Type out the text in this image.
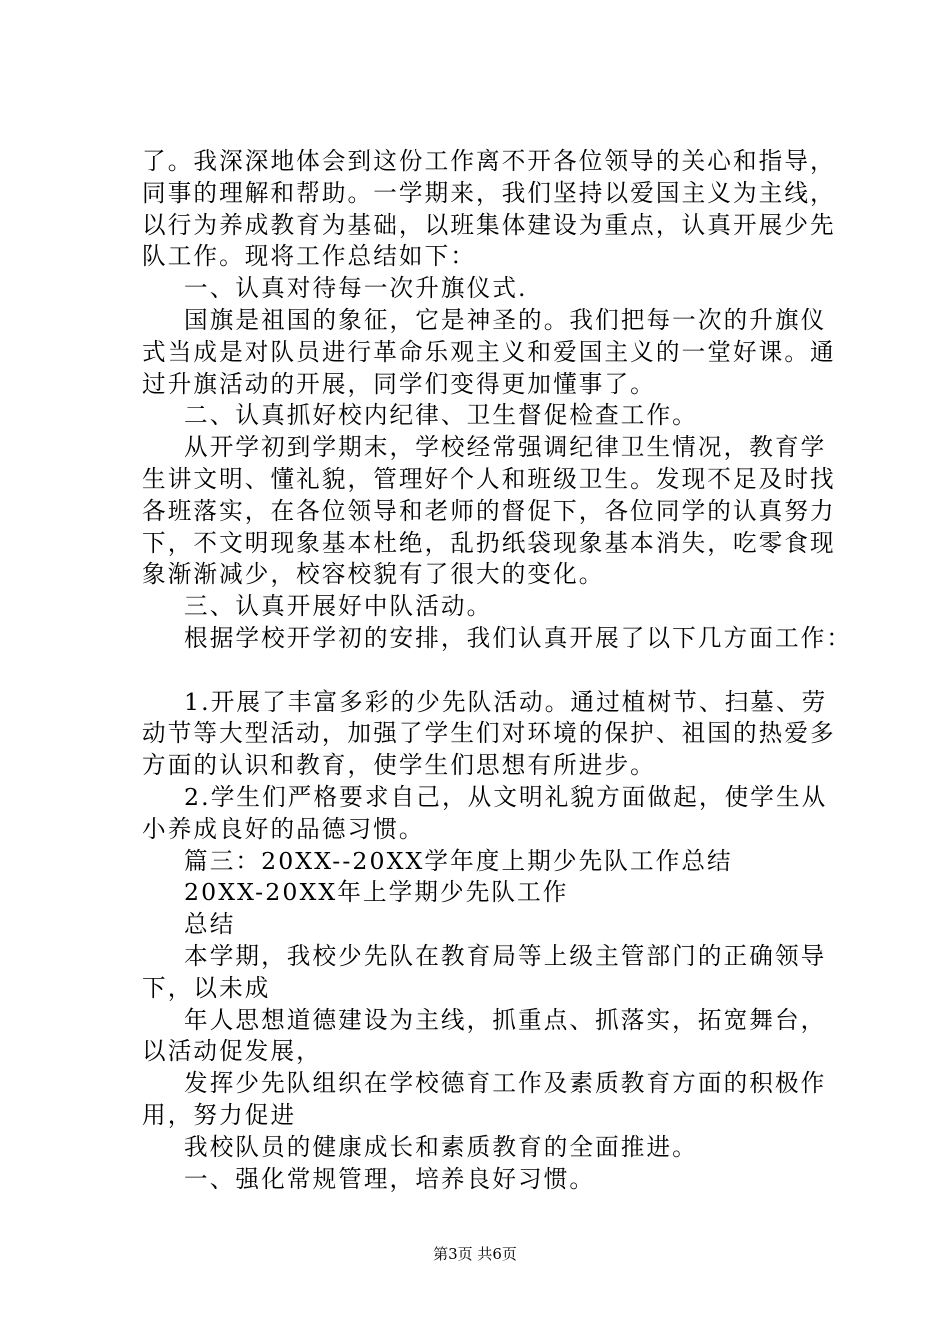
了。我深深地体会到这份工作离不开各位领导的关心和指导，

同事的理解和帮助。一学期来，我们坚持以爱国主义为主线，

以行为养成教育为基础，以班集体建设为重点，认真开展少先

队工作。现将工作总结如下：

一、认真对待每一次升旗仪式.

国旗是祖国的象征，它是神圣的。我们把每一次的升旗仪

式当成是对队员进行革命乐观主义和爱国主义的一堂好课。通

过升旗活动的开展，同学们变得更加懂事了。

二、认真抓好校内纪律、卫生督促检查工作。

从开学初到学期末，学校经常强调纪律卫生情况，教育学

生讲文明、懂礼貌，管理好个人和班级卫生。发现不足及时找

各班落实，在各位领导和老师的督促下，各位同学的认真努力

下，不文明现象基本杜绝，乱扔纸袋现象基本消失，吃零食现

象渐渐减少，校容校貌有了很大的变化。

三、认真开展好中队活动。

根据学校开学初的安排，我们认真开展了以下几方面工作：

1.开展了丰富多彩的少先队活动。通过植树节、扫墓、劳

动节等大型活动，加强了学生们对环境的保护、祖国的热爱多

方面的认识和教育，使学生们思想有所进步。

2.学生们严格要求自己，从文明礼貌方面做起，使学生从

小养成良好的品德习惯。

篇三：20XX--20XX学年度上期少先队工作总结

20XX-20XX年上学期少先队工作

总结

本学期，我校少先队在教育局等上级主管部门的正确领导

下，以未成

年人思想道德建设为主线，抓重点、抓落实，拓宽舞台，

以活动促发展，

发挥少先队组织在学校德育工作及素质教育方面的积极作

用，努力促进

我校队员的健康成长和素质教育的全面推进。

一、强化常规管理，培养良好习惯。

第3页 共6页
